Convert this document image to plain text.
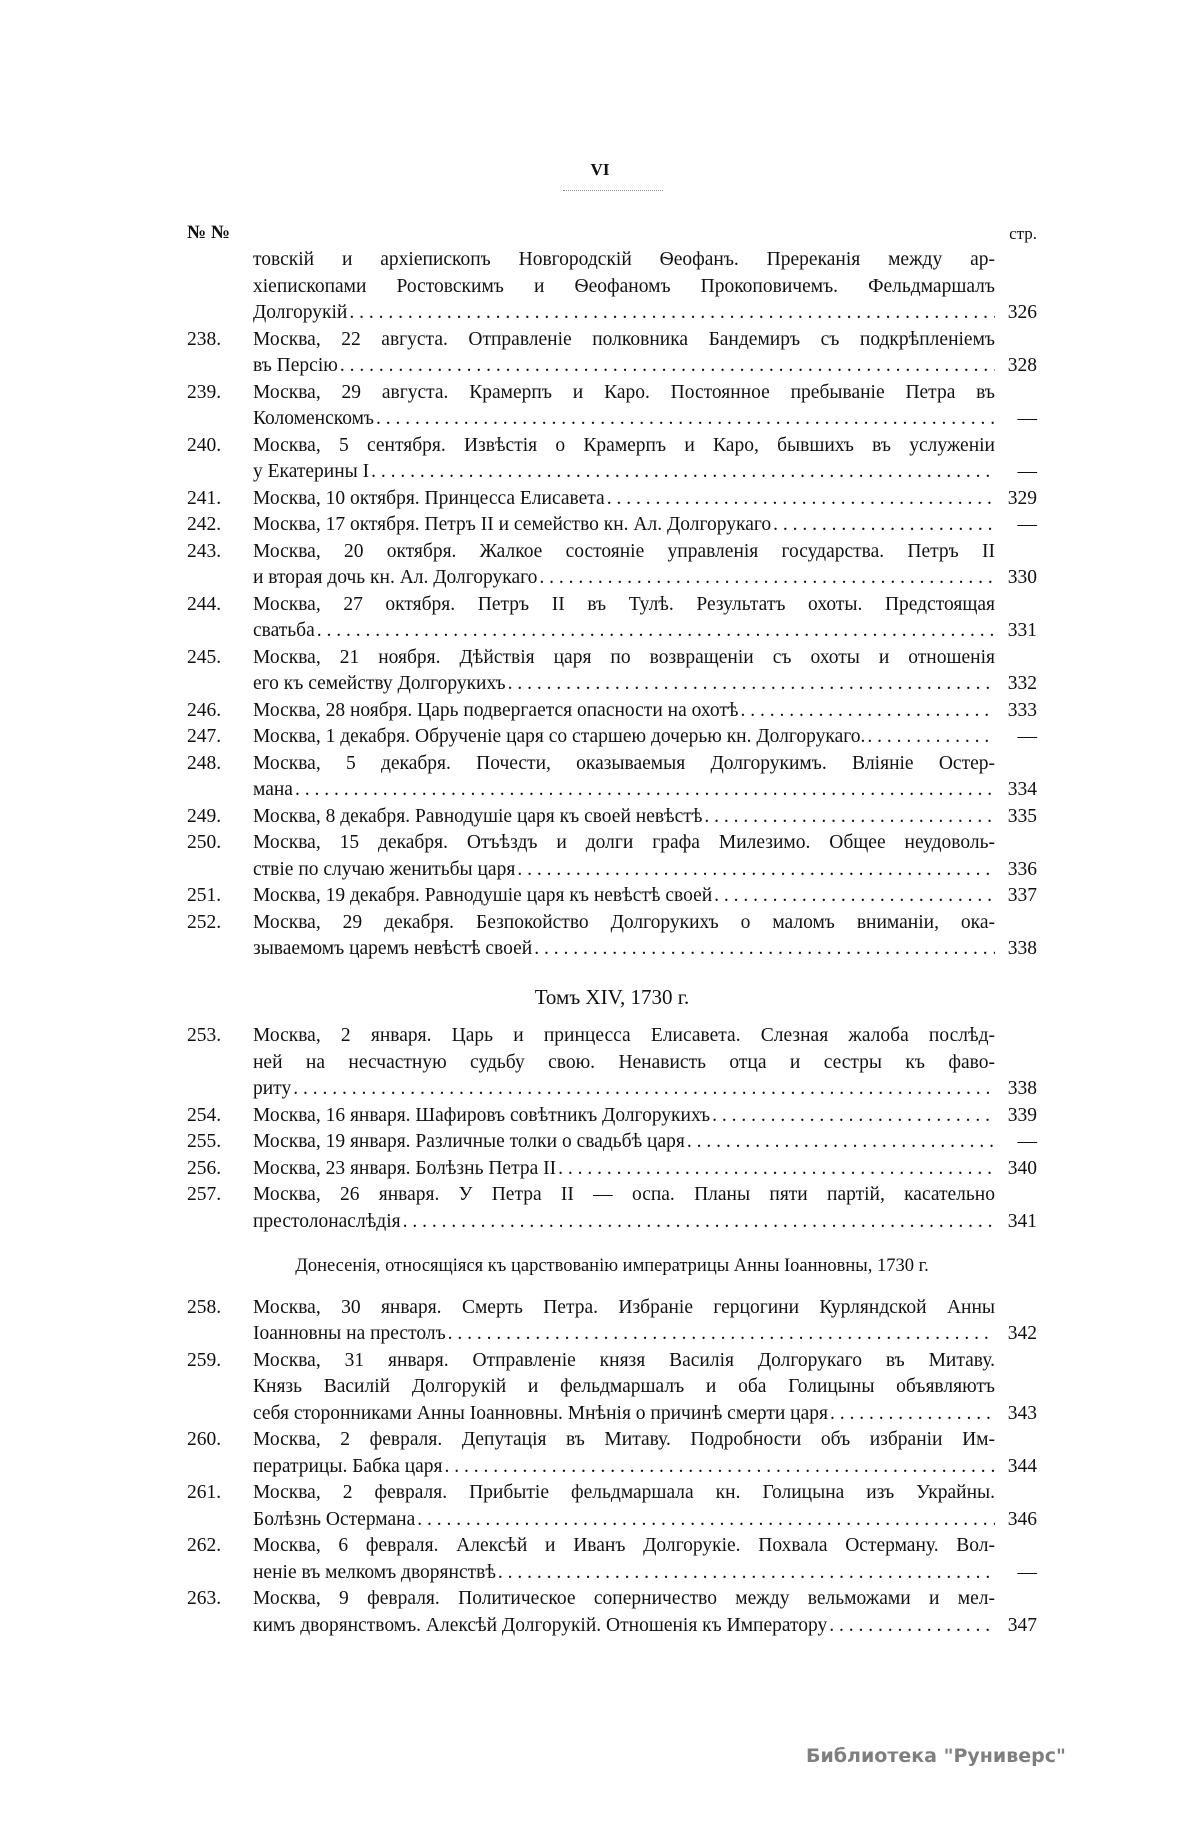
VI
№ №	стр.
товскій и архіепископъ Новгородскій Ѳеофанъ. Пререканія между ар-
хіепископами Ростовскимъ и Ѳеофаномъ Прокоповичемъ. Фельдмаршалъ
Долгорукій . . .	326
238.	Москва, 22 августа. Отправленіе полковника Бандемиръ съ подкрѣпленіемъ
въ Персію . . .	328
239.	Москва, 29 августа. Крамерпъ и Каро. Постоянное пребываніе Петра въ
Коломенскомъ . . .	—
240.	Москва, 5 сентября. Извѣстія о Крамерпъ и Каро, бывшихъ въ услуженіи
у Екатерины I . . .	—
241.	Москва, 10 октября. Принцесса Елисавета . . .	329
242.	Москва, 17 октября. Петръ II и семейство кн. Ал. Долгорукаго . . .	—
243.	Москва, 20 октября. Жалкое состояніе управленія государства. Петръ II
и вторая дочь кн. Ал. Долгорукаго . . .	330
244.	Москва, 27 октября. Петръ II въ Тулѣ. Результатъ охоты. Предстоящая
сватьба . . .	331
245.	Москва, 21 ноября. Дѣйствія царя по возвращеніи съ охоты и отношенія
его къ семейству Долгорукихъ . . .	332
246.	Москва, 28 ноября. Царь подвергается опасности на охотѣ . . .	333
247.	Москва, 1 декабря. Обрученіе царя со старшею дочерью кн. Долгорукаго. . . .	—
248.	Москва, 5 декабря. Почести, оказываемыя Долгорукимъ. Вліяніе Остер-
мана . . .	334
249.	Москва, 8 декабря. Равнодушіе царя къ своей невѣстѣ . . .	335
250.	Москва, 15 декабря. Отъѣздъ и долги графа Милезимо. Общее неудоволь-
ствіе по случаю женитьбы царя . . .	336
251.	Москва, 19 декабря. Равнодушіе царя къ невѣстѣ своей . . .	337
252.	Москва, 29 декабря. Безпокойство Долгорукихъ о маломъ вниманіи, ока-
зываемомъ царемъ невѣстѣ своей . . .	338
Томъ XIV, 1730 г.
253.	Москва, 2 января. Царь и принцесса Елисавета. Слезная жалоба послѣд-
ней на несчастную судьбу свою. Ненависть отца и сестры къ фаво-
риту . . .	338
254.	Москва, 16 января. Шафировъ совѣтникъ Долгорукихъ . . .	339
255.	Москва, 19 января. Различные толки о свадьбѣ царя . . .	—
256.	Москва, 23 января. Болѣзнь Петра II . . .	340
257.	Москва, 26 января. У Петра II — оспа. Планы пяти партій, касательно
престолонаслѣдія . . .	341
Донесенія, относящіяся къ царствованію императрицы Анны Іоанновны, 1730 г.
258.	Москва, 30 января. Смерть Петра. Избраніе герцогини Курляндской Анны
Іоанновны на престолъ . . .	342
259.	Москва, 31 января. Отправленіе князя Василія Долгорукаго въ Митаву.
Князь Василій Долгорукій и фельдмаршалъ и оба Голицыны объявляютъ
себя сторонниками Анны Іоанновны. Мнѣнія о причинѣ смерти царя . . .	343
260.	Москва, 2 февраля. Депутація въ Митаву. Подробности объ избраніи Им-
ператрицы. Бабка царя . . .	344
261.	Москва, 2 февраля. Прибытіе фельдмаршала кн. Голицына изъ Украйны.
Болѣзнь Остермана . . .	346
262.	Москва, 6 февраля. Алексѣй и Иванъ Долгорукіе. Похвала Остерману. Вол-
неніе въ мелкомъ дворянствѣ . . .	—
263.	Москва, 9 февраля. Политическое соперничество между вельможами и мел-
кимъ дворянствомъ. Алексѣй Долгорукій. Отношенія къ Императору . . .	347
Библиотека "Руниверс"
